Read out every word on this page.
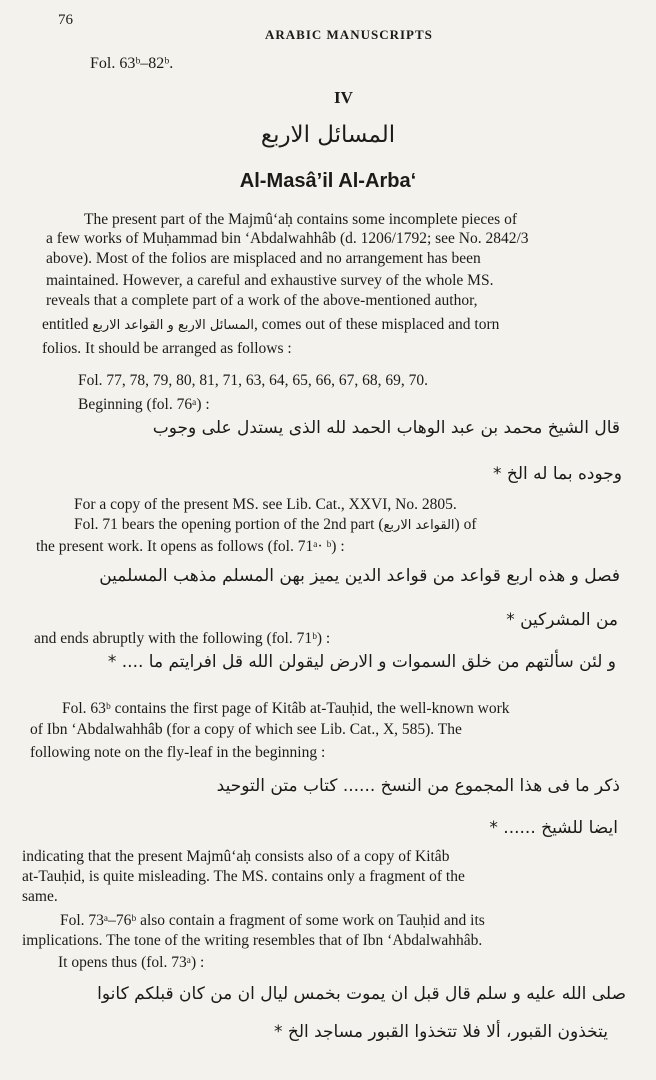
76
ARABIC MANUSCRIPTS
Fol. 63ᵇ–82ᵇ.
IV
المسائل الاربع
Al-Masâ’il Al-Arba‘
The present part of the Majmû‘aḥ contains some incomplete pieces of
a few works of Muḥammad bin ‘Abdalwahhâb (d. 1206/1792; see No. 2842/3
above). Most of the folios are misplaced and no arrangement has been
maintained. However, a careful and exhaustive survey of the whole MS.
reveals that a complete part of a work of the above-mentioned author,
entitled المسائل الاربع و القواعد الاربع, comes out of these misplaced and torn
folios. It should be arranged as follows :
Fol. 77, 78, 79, 80, 81, 71, 63, 64, 65, 66, 67, 68, 69, 70.
Beginning (fol. 76ᵃ) :
قال الشيخ محمد بن عبد الوهاب الحمد لله الذى يستدل على وجوب
وجوده بما له الخ *
For a copy of the present MS. see Lib. Cat., XXVI, No. 2805.
Fol. 71 bears the opening portion of the 2nd part (القواعد الاربع) of
the present work. It opens as follows (fol. 71ᵃ· ᵇ) :
فصل و هذه اربع قواعد من قواعد الدين يميز بهن المسلم مذهب المسلمين
من المشركين *
and ends abruptly with the following (fol. 71ᵇ) :
و لئن سألتهم من خلق السموات و الارض ليقولن الله قل افرايتم ما .... *
Fol. 63ᵇ contains the first page of Kitâb at-Tauḥid, the well-known work
of Ibn ‘Abdalwahhâb (for a copy of which see Lib. Cat., X, 585). The
following note on the fly-leaf in the beginning :
ذكر ما فى هذا المجموع من النسخ ...... كتاب متن التوحيد
ايضا للشيخ ...... *
indicating that the present Majmû‘aḥ consists also of a copy of Kitâb
at-Tauḥid, is quite misleading. The MS. contains only a fragment of the
same.
Fol. 73ᵃ–76ᵇ also contain a fragment of some work on Tauḥid and its
implications. The tone of the writing resembles that of Ibn ‘Abdalwahhâb.
It opens thus (fol. 73ᵃ) :
صلى الله عليه و سلم قال قبل ان يموت بخمس ليال ان من كان قبلكم كانوا
يتخذون القبور، ألا فلا تتخذوا القبور مساجد الخ *
